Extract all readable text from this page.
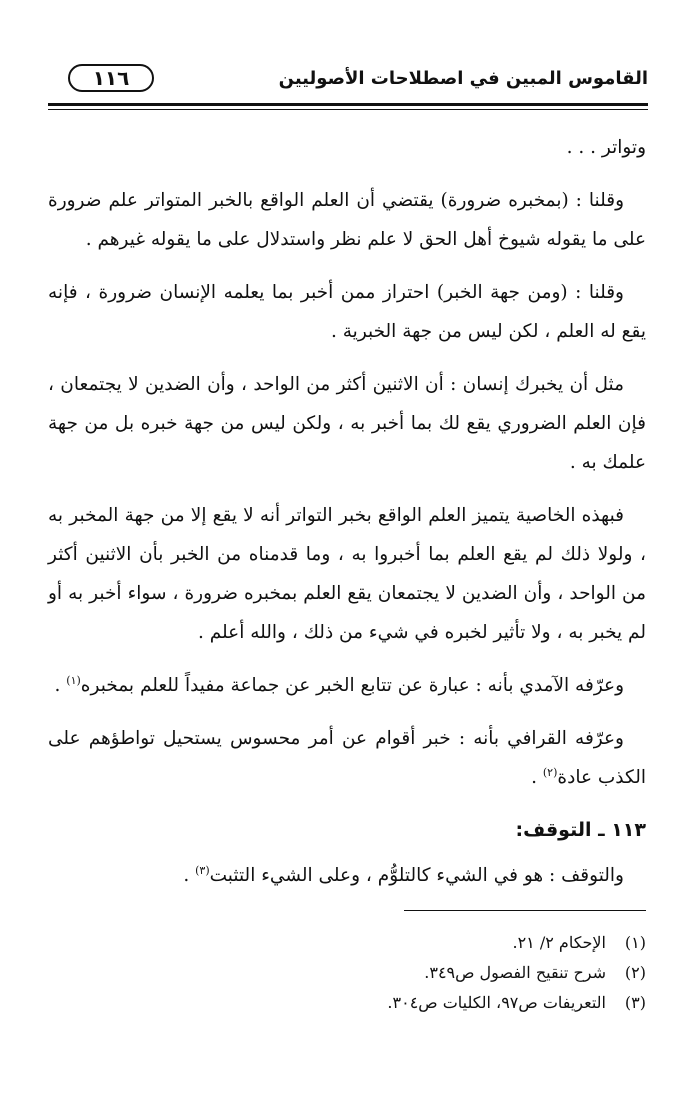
١١٦	القاموس المبين في اصطلاحات الأصوليين

وتواتر . . .

وقلنا : (بمخبره ضرورة) يقتضي أن العلم الواقع بالخبر المتواتر علم ضرورة على ما يقوله شيوخ أهل الحق لا علم نظر واستدلال على ما يقوله غيرهم .

وقلنا : (ومن جهة الخبر) احتراز ممن أخبر بما يعلمه الإنسان ضرورة ، فإنه يقع له العلم ، لكن ليس من جهة الخبرية .

مثل أن يخبرك إنسان : أن الاثنين أكثر من الواحد ، وأن الضدين لا يجتمعان ، فإن العلم الضروري يقع لك بما أخبر به ، ولكن ليس من جهة خبره بل من جهة علمك به .

فبهذه الخاصية يتميز العلم الواقع بخبر التواتر أنه لا يقع إلا من جهة المخبر به ، ولولا ذلك لم يقع العلم بما أخبروا به ، وما قدمناه من الخبر بأن الاثنين أكثر من الواحد ، وأن الضدين لا يجتمعان يقع العلم بمخبره ضرورة ، سواء أخبر به أو لم يخبر به ، ولا تأثير لخبره في شيء من ذلك ، والله أعلم .

وعرّفه الآمدي بأنه : عبارة عن تتابع الخبر عن جماعة مفيداً للعلم بمخبره$^{(١)}$ .

وعرّفه القرافي بأنه : خبر أقوام عن أمر محسوس يستحيل تواطؤهم على الكذب عادة$^{(٢)}$ .

١١٣ ـ التوقف:

والتوقف : هو في الشيء كالتلوُّم ، وعلى الشيء التثبت$^{(٣)}$ .

(١)
الإحكام ٢/ ٢١.
(٢)
شرح تنقيح الفصول ص٣٤٩.
(٣)
التعريفات ص٩٧، الكليات ص٣٠٤.
